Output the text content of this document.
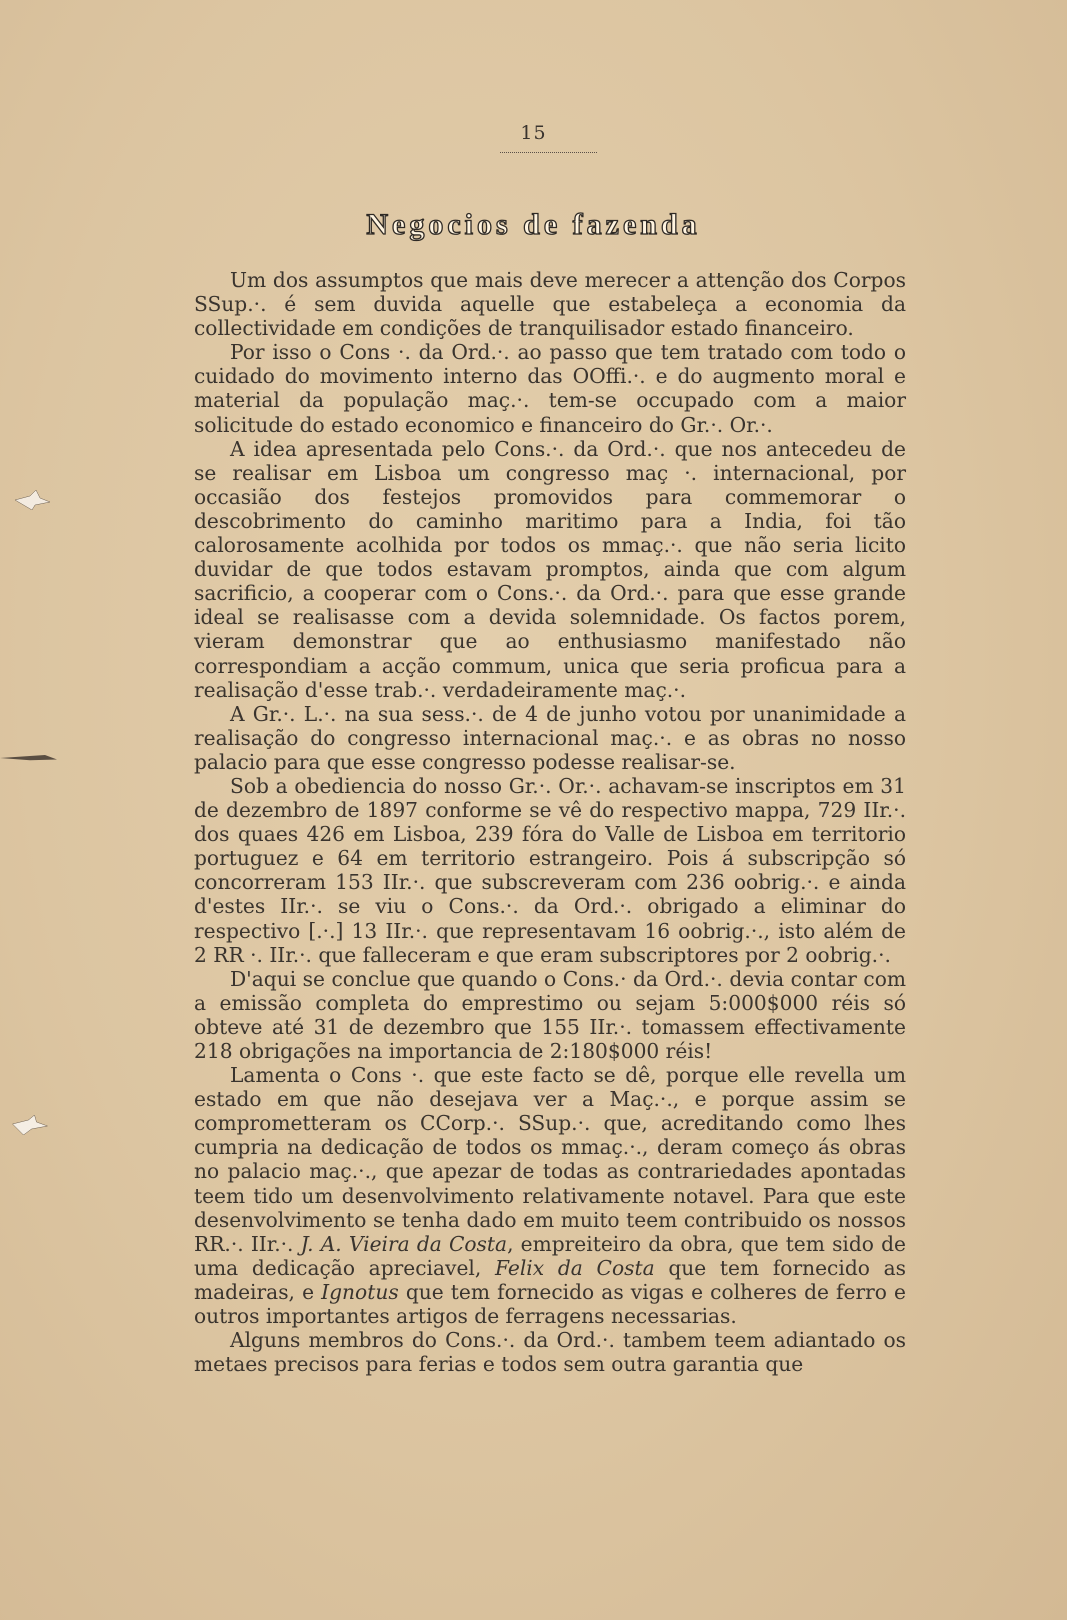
15
Negocios de fazenda

Um dos assumptos que mais deve merecer a attenção dos Corpos SSup.·. é sem duvida aquelle que estabeleça a economia da collectividade em condições de tranquilisador estado financeiro.

Por isso o Cons ·. da Ord.·. ao passo que tem tratado com todo o cuidado do movimento interno das OOffi.·. e do augmento moral e material da população maç.·. tem-se occupado com a maior solicitude do estado economico e financeiro do Gr.·. Or.·.

A idea apresentada pelo Cons.·. da Ord.·. que nos antecedeu de se realisar em Lisboa um congresso maç ·. internacional, por occasião dos festejos promovidos para commemorar o descobrimento do caminho maritimo para a India, foi tão calorosamente acolhida por todos os mmaç.·. que não seria licito duvidar de que todos estavam promptos, ainda que com algum sacrificio, a cooperar com o Cons.·. da Ord.·. para que esse grande ideal se realisasse com a devida solemnidade. Os factos porem, vieram demonstrar que ao enthusiasmo manifestado não correspondiam a acção commum, unica que seria proficua para a realisação d'esse trab.·. verdadeiramente maç.·.

A Gr.·. L.·. na sua sess.·. de 4 de junho votou por unanimidade a realisação do congresso internacional maç.·. e as obras no nosso palacio para que esse congresso podesse realisar-se.

Sob a obediencia do nosso Gr.·. Or.·. achavam-se inscriptos em 31 de dezembro de 1897 conforme se vê do respectivo mappa, 729 IIr.·. dos quaes 426 em Lisboa, 239 fóra do Valle de Lisboa em territorio portuguez e 64 em territorio estrangeiro. Pois á subscripção só concorreram 153 IIr.·. que subscreveram com 236 oobrig.·. e ainda d'estes IIr.·. se viu o Cons.·. da Ord.·. obrigado a eliminar do respectivo [.·.] 13 IIr.·. que representavam 16 oobrig.·., isto além de 2 RR ·. IIr.·. que falleceram e que eram subscriptores por 2 oobrig.·.

D'aqui se conclue que quando o Cons.· da Ord.·. devia contar com a emissão completa do emprestimo ou sejam 5:000$000 réis só obteve até 31 de dezembro que 155 IIr.·. tomassem effectivamente 218 obrigações na importancia de 2:180$000 réis!

Lamenta o Cons ·. que este facto se dê, porque elle revella um estado em que não desejava ver a Maç.·., e porque assim se comprometteram os CCorp.·. SSup.·. que, acreditando como lhes cumpria na dedicação de todos os mmaç.·., deram começo ás obras no palacio maç.·., que apezar de todas as contrariedades apontadas teem tido um desenvolvimento relativamente notavel. Para que este desenvolvimento se tenha dado em muito teem contribuido os nossos RR.·. IIr.·. J. A. Vieira da Costa, empreiteiro da obra, que tem sido de uma dedicação apreciavel, Felix da Costa que tem fornecido as madeiras, e Ignotus que tem fornecido as vigas e colheres de ferro e outros importantes artigos de ferragens necessarias.

Alguns membros do Cons.·. da Ord.·. tambem teem adiantado os metaes precisos para ferias e todos sem outra garantia que
